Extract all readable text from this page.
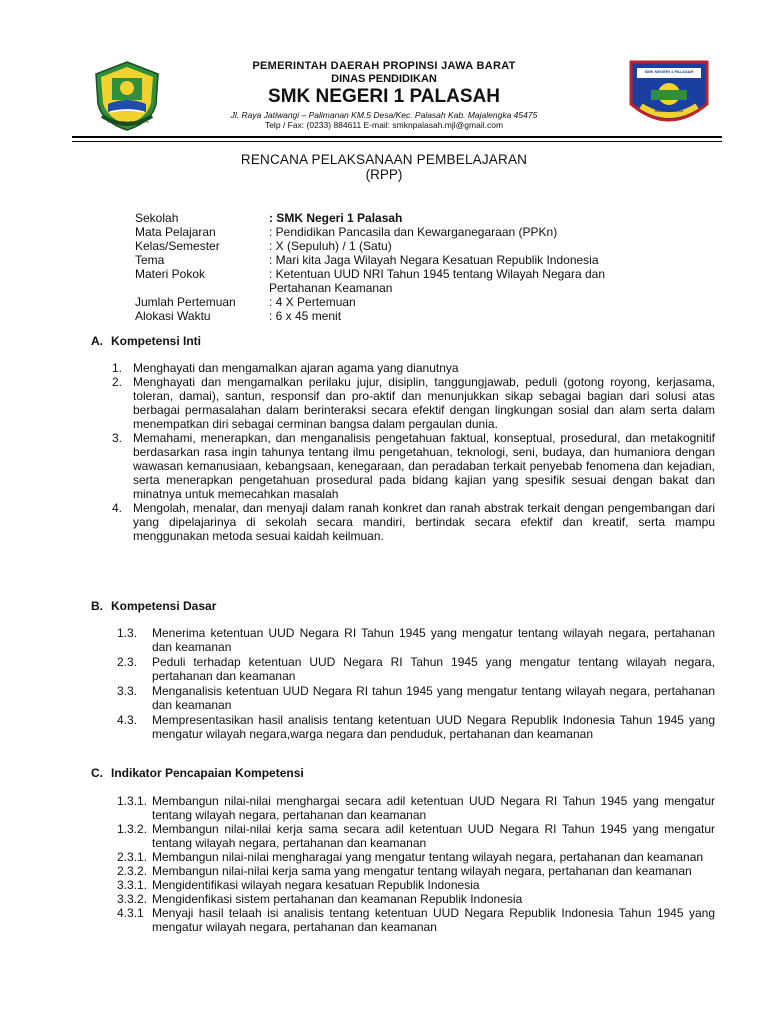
GEMAH RIPAH REPEH RAPIH
SMK NEGERI 1 PALASAH
MAJALENGKA
PEMERINTAH DAERAH PROPINSI JAWA BARAT
DINAS PENDIDIKAN
SMK NEGERI 1 PALASAH
Jl. Raya Jatiwangi – Palimanan KM.5 Desa/Kec. Palasah Kab. Majalengka 45475
Telp / Fax: (0233) 884611 E-mail: smknpalasah.mjl@gmail.com
RENCANA PELAKSANAAN PEMBELAJARAN
(RPP)
Sekolah	: SMK Negeri 1 Palasah
Mata Pelajaran	: Pendidikan Pancasila dan Kewarganegaraan (PPKn)
Kelas/Semester	: X (Sepuluh) / 1 (Satu)
Tema	: Mari kita Jaga Wilayah Negara Kesatuan Republik Indonesia
Materi Pokok	: Ketentuan UUD NRI Tahun 1945 tentang Wilayah Negara dan Pertahanan Keamanan
Jumlah Pertemuan	: 4 X Pertemuan
Alokasi Waktu	: 6 x 45 menit
A. Kompetensi Inti
1. Menghayati dan mengamalkan ajaran agama yang dianutnya
2. Menghayati dan mengamalkan perilaku jujur, disiplin, tanggungjawab, peduli (gotong royong, kerjasama, toleran, damai), santun, responsif dan pro-aktif dan menunjukkan sikap sebagai bagian dari solusi atas berbagai permasalahan dalam berinteraksi secara efektif dengan lingkungan sosial dan alam serta dalam menempatkan diri sebagai cerminan bangsa dalam pergaulan dunia.
3. Memahami, menerapkan, dan menganalisis pengetahuan faktual, konseptual, prosedural, dan metakognitif berdasarkan rasa ingin tahunya tentang ilmu pengetahuan, teknologi, seni, budaya, dan humaniora dengan wawasan kemanusiaan, kebangsaan, kenegaraan, dan peradaban terkait penyebab fenomena dan kejadian, serta menerapkan pengetahuan prosedural pada bidang kajian yang spesifik sesuai dengan bakat dan minatnya untuk memecahkan masalah
4. Mengolah, menalar, dan menyaji dalam ranah konkret dan ranah abstrak terkait dengan pengembangan dari yang dipelajarinya di sekolah secara mandiri, bertindak secara efektif dan kreatif, serta mampu menggunakan metoda sesuai kaidah keilmuan.
B. Kompetensi Dasar
1.3. Menerima ketentuan UUD Negara RI Tahun 1945 yang mengatur tentang wilayah negara, pertahanan dan keamanan
2.3. Peduli terhadap ketentuan UUD Negara RI Tahun 1945 yang mengatur tentang wilayah negara, pertahanan dan keamanan
3.3. Menganalisis ketentuan UUD Negara RI tahun 1945 yang mengatur tentang wilayah negara, pertahanan dan keamanan
4.3. Mempresentasikan hasil analisis tentang ketentuan UUD Negara Republik Indonesia Tahun 1945 yang mengatur wilayah negara,warga negara dan penduduk, pertahanan dan keamanan
C. Indikator Pencapaian Kompetensi
1.3.1. Membangun nilai-nilai menghargai secara adil ketentuan UUD Negara RI Tahun 1945 yang mengatur tentang wilayah negara, pertahanan dan keamanan
1.3.2. Membangun nilai-nilai kerja sama secara adil ketentuan UUD Negara RI Tahun 1945 yang mengatur tentang wilayah negara, pertahanan dan keamanan
2.3.1. Membangun nilai-nilai mengharagai yang mengatur tentang wilayah negara, pertahanan dan keamanan
2.3.2. Membangun nilai-nilai kerja sama yang mengatur tentang wilayah negara, pertahanan dan keamanan
3.3.1. Mengidentifikasi wilayah negara kesatuan Republik Indonesia
3.3.2. Mengidenfikasi sistem pertahanan dan keamanan Republik Indonesia
4.3.1 Menyaji hasil telaah isi analisis tentang ketentuan UUD Negara Republik Indonesia Tahun 1945 yang mengatur wilayah negara, pertahanan dan keamanan
